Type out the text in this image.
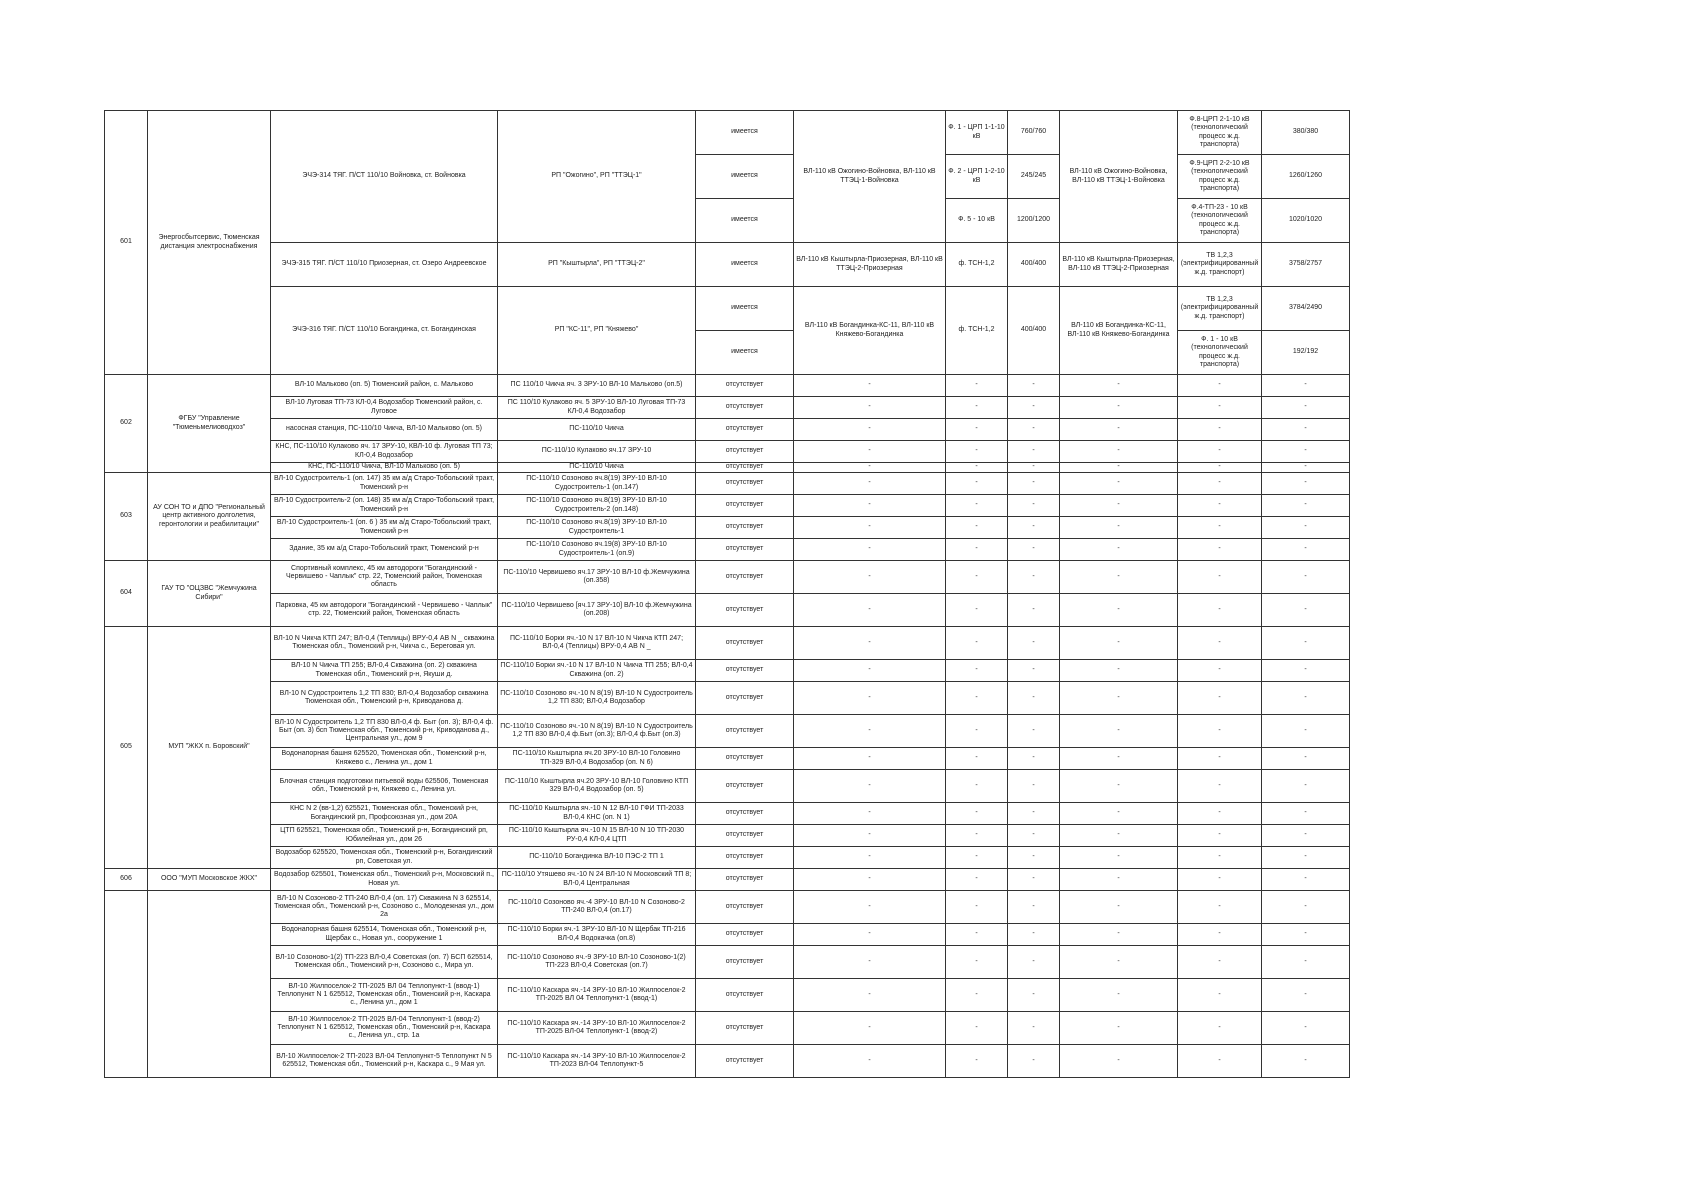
601	Энергосбытсервис, Тюменская дистанция электроснабжения	ЭЧЭ-314 ТЯГ. П/СТ 110/10 Войновка, ст. Войновка	РП "Ожогино", РП "ТТЭЦ-1"	имеется	ВЛ-110 кВ Ожогино-Войновка, ВЛ-110 кВ ТТЭЦ-1-Войновка	Ф. 1 - ЦРП 1-1-10 кВ	760/760	ВЛ-110 кВ Ожогино-Войновка, ВЛ-110 кВ ТТЭЦ-1-Войновка	Ф.8-ЦРП 2-1-10 кВ (технологический процесс ж.д. транспорта)	380/380
				имеется		Ф. 2 - ЦРП 1-2-10 кВ	245/245		Ф.9-ЦРП 2-2-10 кВ (технологический процесс ж.д. транспорта)	1260/1260
				имеется		Ф. 5 - 10 кВ	1200/1200		Ф.4-ТП-23 - 10 кВ (технологический процесс ж.д. транспорта)	1020/1020
		ЭЧЭ-315 ТЯГ. П/СТ 110/10 Приозерная, ст. Озеро Андреевское	РП "Кыштырла", РП "ТТЭЦ-2"	имеется	ВЛ-110 кВ Кыштырла-Приозерная, ВЛ-110 кВ ТТЭЦ-2-Приозерная	ф. ТСН-1,2	400/400	ВЛ-110 кВ Кыштырла-Приозерная, ВЛ-110 кВ ТТЭЦ-2-Приозерная	ТВ 1,2,3 (электрифицированный ж.д. транспорт)	3758/2757
		ЭЧЭ-316 ТЯГ. П/СТ 110/10 Богандинка, ст. Богандинская	РП "КС-11", РП "Княжево"	имеется	ВЛ-110 кВ Богандинка-КС-11, ВЛ-110 кВ Княжево-Богандинка	ф. ТСН-1,2	400/400	ВЛ-110 кВ Богандинка-КС-11, ВЛ-110 кВ Княжево-Богандинка	ТВ 1,2,3 (электрифицированный ж.д. транспорт)	3784/2490
				имеется					Ф. 1 - 10 кВ (технологический процесс ж.д. транспорта)	192/192
602	ФГБУ "Управление "Тюменьмелиоводхоз"	ВЛ-10 Мальково (оп. 5) Тюменский район, с. Мальково	ПС 110/10 Чикча яч. 3 ЗРУ-10 ВЛ-10 Мальково (оп.5)	отсутствует	-	-	-	-	-	-
		ВЛ-10 Луговая ТП-73 КЛ-0,4 Водозабор Тюменский район, с. Луговое	ПС 110/10 Кулаково яч. 5 ЗРУ-10 ВЛ-10 Луговая ТП-73 КЛ-0,4 Водозабор	отсутствует	-	-	-	-	-	-
		насосная станция, ПС-110/10 Чикча, ВЛ-10 Мальково (оп. 5)	ПС-110/10 Чикча	отсутствует	-	-	-	-	-	-
		КНС, ПС-110/10 Кулаково яч. 17 ЗРУ-10, КВЛ-10 ф. Луговая ТП 73; КЛ-0,4 Водозабор	ПС-110/10 Кулаково яч.17 ЗРУ-10	отсутствует	-	-	-	-	-	-
		КНС, ПС-110/10 Чикча, ВЛ-10 Мальково (оп. 5)	ПС-110/10 Чикча	отсутствует	-	-	-	-	-	-
603	АУ СОН ТО и ДПО "Региональный центр активного долголетия, геронтологии и реабилитации"	ВЛ-10 Судостроитель-1 (оп. 147) 35 км а/д Старо-Тобольский тракт, Тюменский р-н	ПС-110/10 Созоново яч.8(19) ЗРУ-10 ВЛ-10 Судостроитель-1 (оп.147)	отсутствует	-	-	-	-	-	-
		ВЛ-10 Судостроитель-2 (оп. 148) 35 км а/д Старо-Тобольский тракт, Тюменский р-н	ПС-110/10 Созоново яч.8(19) ЗРУ-10 ВЛ-10 Судостроитель-2 (оп.148)	отсутствует	-	-	-	-	-	-
		ВЛ-10 Судостроитель-1 (оп. 6 ) 35 км а/д Старо-Тобольский тракт, Тюменский р-н	ПС-110/10 Созоново яч.8(19) ЗРУ-10 ВЛ-10 Судостроитель-1	отсутствует	-	-	-	-	-	-
		Здание, 35 км а/д Старо-Тобольский тракт, Тюменский р-н	ПС-110/10 Созоново яч.19(8) ЗРУ-10 ВЛ-10 Судостроитель-1 (оп.9)	отсутствует	-	-	-	-	-	-
604	ГАУ ТО "ОЦЗВС "Жемчужина Сибири"	Спортивный комплекс, 45 км автодороги "Богандинский - Червишево - Чаплык" стр. 22, Тюменский район, Тюменская область	ПС-110/10 Червишево яч.17 ЗРУ-10 ВЛ-10 ф.Жемчужина (оп.358)	отсутствует	-	-	-	-	-	-
		Парковка, 45 км автодороги "Богандинский - Червишево - Чаплык" стр. 22, Тюменский район, Тюменская область	ПС-110/10 Червишево [яч.17 ЗРУ-10] ВЛ-10 ф.Жемчужина (оп.208)	отсутствует	-	-	-	-	-	-
605	МУП "ЖКХ п. Боровский"	ВЛ-10 N Чикча КТП 247; ВЛ-0,4 (Теплицы) ВРУ-0,4 АВ N _ скважина Тюменская обл., Тюменский р-н, Чикча с., Береговая ул.	ПС-110/10 Борки яч.-10 N 17 ВЛ-10 N Чикча КТП 247; ВЛ-0,4 (Теплицы) ВРУ-0,4 АВ N _	отсутствует	-	-	-	-	-	-
		ВЛ-10 N Чикча ТП 255; ВЛ-0,4 Скважина (оп. 2) скважина Тюменская обл., Тюменский р-н, Якуши д.	ПС-110/10 Борки яч.-10 N 17 ВЛ-10 N Чикча ТП 255; ВЛ-0,4 Скважина (оп. 2)	отсутствует	-	-	-	-	-	-
		ВЛ-10 N Судостроитель 1,2 ТП 830; ВЛ-0,4 Водозабор скважина Тюменская обл., Тюменский р-н, Криводанова д.	ПС-110/10 Созоново яч.-10 N 8(19) ВЛ-10 N Судостроитель 1,2 ТП 830; ВЛ-0,4 Водозабор	отсутствует	-	-	-	-	-	-
		ВЛ-10 N Судостроитель 1,2 ТП 830 ВЛ-0,4 ф. Быт (оп. 3); ВЛ-0,4 ф. Быт (оп. 3) бсп Тюменская обл., Тюменский р-н, Криводанова д., Центральная ул., дом 9	ПС-110/10 Созоново яч.-10 N 8(19) ВЛ-10 N Судостроитель 1,2 ТП 830 ВЛ-0,4 ф.Быт (оп.3); ВЛ-0,4 ф.Быт (оп.3)	отсутствует	-	-	-	-	-	-
		Водонапорная башня 625520, Тюменская обл., Тюменский р-н, Княжево с., Ленина ул., дом 1	ПС-110/10 Кыштырла яч.20 ЗРУ-10 ВЛ-10 Головино ТП-329 ВЛ-0,4 Водозабор (оп. N 6)	отсутствует	-	-	-	-	-	-
		Блочная станция подготовки питьевой воды 625506, Тюменская обл., Тюменский р-н, Княжево с., Ленина ул.	ПС-110/10 Кыштырла яч.20 ЗРУ-10 ВЛ-10 Головино КТП 329 ВЛ-0,4 Водозабор (оп. 5)	отсутствует	-	-	-	-	-	-
		КНС N 2 (вв-1,2) 625521, Тюменская обл., Тюменский р-н, Богандинский рп, Профсоюзная ул., дом 20А	ПС-110/10 Кыштырла яч.-10 N 12 ВЛ-10 ГФИ ТП-2033 ВЛ-0,4 КНС (оп. N 1)	отсутствует	-	-	-	-	-	-
		ЦТП 625521, Тюменская обл., Тюменский р-н, Богандинский рп, Юбилейная ул., дом 26	ПС-110/10 Кыштырла яч.-10 N 15 ВЛ-10 N 10 ТП-2030 РУ-0,4 КЛ-0,4 ЦТП	отсутствует	-	-	-	-	-	-
		Водозабор 625520, Тюменская обл., Тюменский р-н, Богандинский рп, Советская ул.	ПС-110/10 Богандинка ВЛ-10 ПЭС-2 ТП 1	отсутствует	-	-	-	-	-	-
606	ООО "МУП Московское ЖКХ"	Водозабор 625501, Тюменская обл., Тюменский р-н, Московский п., Новая ул.	ПС-110/10 Утяшево яч.-10 N 24 ВЛ-10 N Московский ТП 8; ВЛ-0,4 Центральная	отсутствует	-	-	-	-	-	-
		ВЛ-10 N Созоново-2 ТП-240 ВЛ-0,4 (оп. 17) Скважина N 3 625514, Тюменская обл., Тюменский р-н, Созоново с., Молодежная ул., дом 2а	ПС-110/10 Созоново яч.-4 ЗРУ-10 ВЛ-10 N Созоново-2 ТП-240 ВЛ-0,4 (оп.17)	отсутствует	-	-	-	-	-	-
		Водонапорная башня 625514, Тюменская обл., Тюменский р-н, Щербак с., Новая ул., сооружение 1	ПС-110/10 Борки яч.-1 ЗРУ-10 ВЛ-10 N Щербак ТП-216 ВЛ-0,4 Водокачка (оп.8)	отсутствует	-	-	-	-	-	-
		ВЛ-10 Созоново-1(2) ТП-223 ВЛ-0,4 Советская (оп. 7) БСП 625514, Тюменская обл., Тюменский р-н, Созоново с., Мира ул.	ПС-110/10 Созоново яч.-9 ЗРУ-10 ВЛ-10 Созоново-1(2) ТП-223 ВЛ-0,4 Советская (оп.7)	отсутствует	-	-	-	-	-	-
		ВЛ-10 Жилпоселок-2 ТП-2025 ВЛ 04 Теплопункт-1 (ввод-1) Теплопункт N 1 625512, Тюменская обл., Тюменский р-н, Каскара с., Ленина ул., дом 1	ПС-110/10 Каскара яч.-14 ЗРУ-10 ВЛ-10 Жилпоселок-2 ТП-2025 ВЛ 04 Теплопункт-1 (ввод-1)	отсутствует	-	-	-	-	-	-
		ВЛ-10 Жилпоселок-2 ТП-2025 ВЛ-04 Теплопункт-1 (ввод-2) Теплопункт N 1 625512, Тюменская обл., Тюменский р-н, Каскара с., Ленина ул., стр. 1а	ПС-110/10 Каскара яч.-14 ЗРУ-10 ВЛ-10 Жилпоселок-2 ТП-2025 ВЛ-04 Теплопункт-1 (ввод-2)	отсутствует	-	-	-	-	-	-
		ВЛ-10 Жилпоселок-2 ТП-2023 ВЛ-04 Теплопункт-5 Теплопункт N 5 625512, Тюменская обл., Тюменский р-н, Каскара с., 9 Мая ул.	ПС-110/10 Каскара яч.-14 ЗРУ-10 ВЛ-10 Жилпоселок-2 ТП-2023 ВЛ-04 Теплопункт-5	отсутствует	-	-	-	-	-	-
